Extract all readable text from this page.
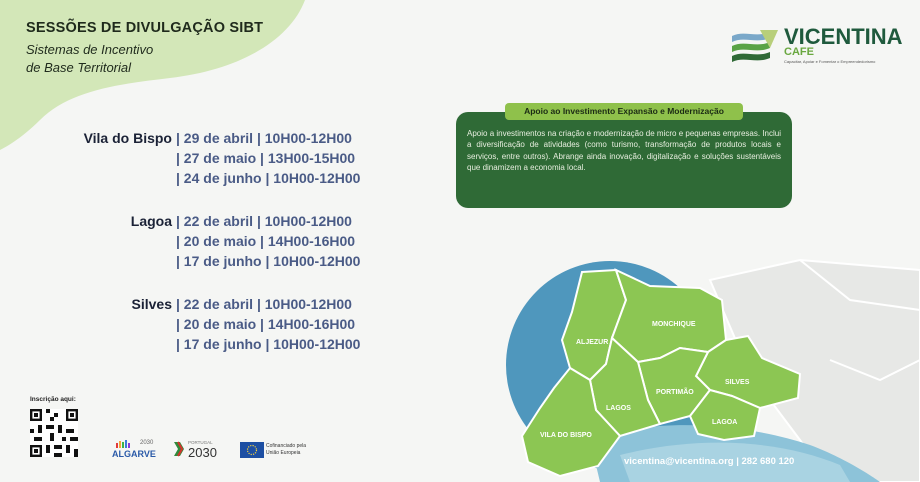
SESSÕES DE DIVULGAÇÃO SIBT
Sistemas de Incentivo
de Base Territorial
VICENTINA
CAFE
Capacitar, Apoiar e Fomentar o Empreendedorismo
Vila do Bispo | 29 de abril | 10H00-12H00
| 27 de maio | 13H00-15H00
| 24 de junho | 10H00-12H00
Lagoa | 22 de abril | 10H00-12H00
| 20 de maio | 14H00-16H00
| 17 de junho | 10H00-12H00
Silves | 22 de abril | 10H00-12H00
| 20 de maio | 14H00-16H00
| 17 de junho | 10H00-12H00
Apoio ao Investimento Expansão e Modernização
Apoio a investimentos na criação e modernização de micro e pequenas empresas. Inclui a diversificação de atividades (como turismo, transformação de produtos locais e serviços, entre outros). Abrange ainda inovação, digitalização e soluções sustentáveis que dinamizem a economia local.
ALJEZUR
MONCHIQUE
PORTIMÃO
SILVES
LAGOS
LAGOA
VILA DO BISPO
vicentina@vicentina.org | 282 680 120
Inscrição aqui:
2030
ALGARVE
PORTUGAL
2030	Cofinanciado pela
União Europeia
